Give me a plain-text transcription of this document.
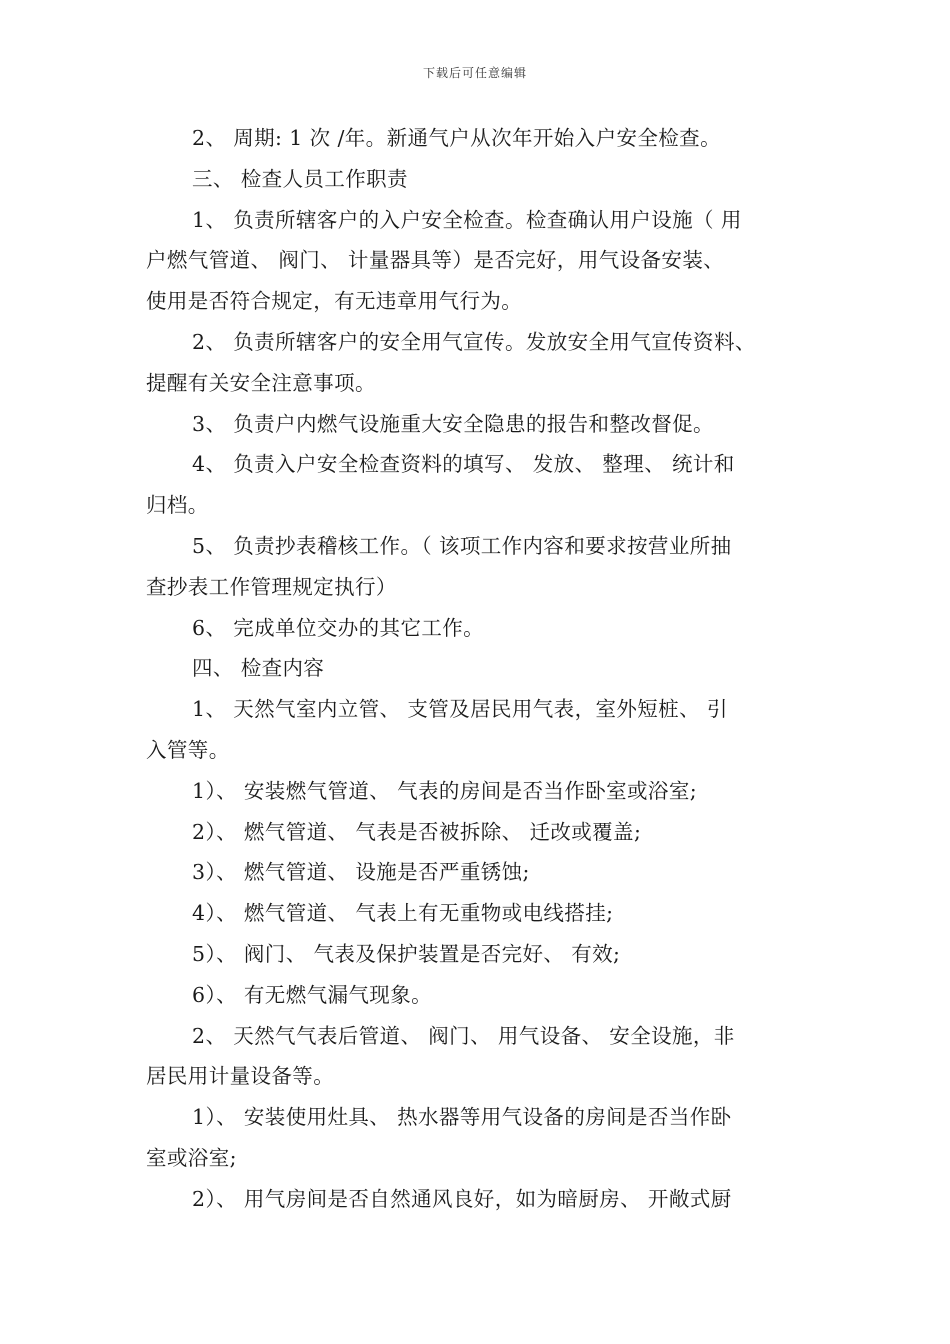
下载后可任意编辑

2、 周期: 1 次 /年。新通气户从次年开始入户安全检查。

三、 检查人员工作职责

1、 负责所辖客户的入户安全检查。检查确认用户设施（ 用

户燃气管道、 阀门、 计量器具等）是否完好，用气设备安装、

使用是否符合规定，有无违章用气行为。

2、 负责所辖客户的安全用气宣传。发放安全用气宣传资料、

提醒有关安全注意事项。

3、 负责户内燃气设施重大安全隐患的报告和整改督促。

4、 负责入户安全检查资料的填写、 发放、 整理、 统计和

归档。

5、 负责抄表稽核工作。（ 该项工作内容和要求按营业所抽

查抄表工作管理规定执行）

6、 完成单位交办的其它工作。

四、 检查内容

1、 天然气室内立管、 支管及居民用气表，室外短桩、 引

入管等。

1）、 安装燃气管道、 气表的房间是否当作卧室或浴室;

2）、 燃气管道、 气表是否被拆除、 迁改或覆盖;

3）、 燃气管道、 设施是否严重锈蚀;

4）、 燃气管道、 气表上有无重物或电线搭挂;

5）、 阀门、 气表及保护装置是否完好、 有效;

6）、 有无燃气漏气现象。

2、 天然气气表后管道、 阀门、 用气设备、 安全设施，非

居民用计量设备等。

1）、 安装使用灶具、 热水器等用气设备的房间是否当作卧

室或浴室;

2）、 用气房间是否自然通风良好，如为暗厨房、 开敞式厨
